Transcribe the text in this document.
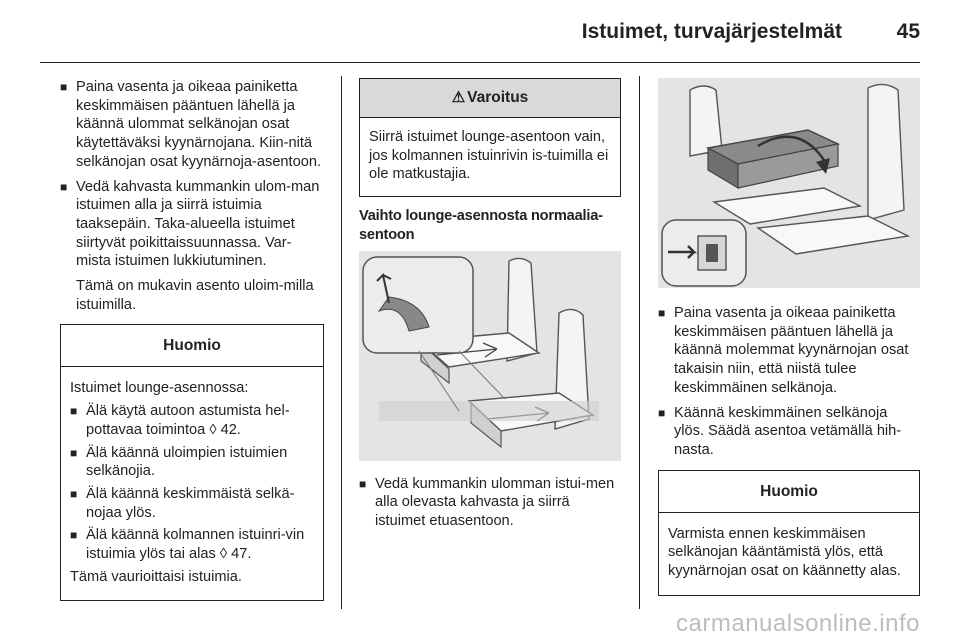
Istuimet, turvajärjestelmät	45
■ Paina vasenta ja oikeaa painiketta keskimmäisen pääntuen lähellä ja käännä ulommat selkänojan osat käytettäväksi kyynärnojana. Kiin-nitä selkänojan osat kyynärnoja-asentoon.
■ Vedä kahvasta kummankin ulom-man istuimen alla ja siirrä istuimia taaksepäin. Taka-alueella istuimet siirtyvät poikittaissuunnassa. Var-mista istuimen lukkiutuminen.
Tämä on mukavin asento uloim-milla istuimilla.
Huomio

Istuimet lounge-asennossa:

■ Älä käytä autoon astumista hel-pottavaa toimintoa ◊ 42.
■ Älä käännä uloimpien istuimien selkänojia.
■ Älä käännä keskimmäistä selkä-nojaa ylös.
■ Älä käännä kolmannen istuinri-vin istuimia ylös tai alas ◊ 47.

Tämä vaurioittaisi istuimia.

⚠ Varoitus

Siirrä istuimet lounge-asentoon vain, jos kolmannen istuinrivin is-tuimilla ei ole matkustajia.

Vaihto lounge-asennosta normaalia-sentoon
■ Vedä kummankin ulomman istui-men alla olevasta kahvasta ja siirrä istuimet etuasentoon.
■ Paina vasenta ja oikeaa painiketta keskimmäisen pääntuen lähellä ja käännä molemmat kyynärnojan osat takaisin niin, että niistä tulee keskimmäinen selkänoja.
■ Käännä keskimmäinen selkänoja ylös. Säädä asentoa vetämällä hih-nasta.
Huomio

Varmista ennen keskimmäisen selkänojan kääntämistä ylös, että kyynärnojan osat on käännetty alas.

carmanualsonline.info
